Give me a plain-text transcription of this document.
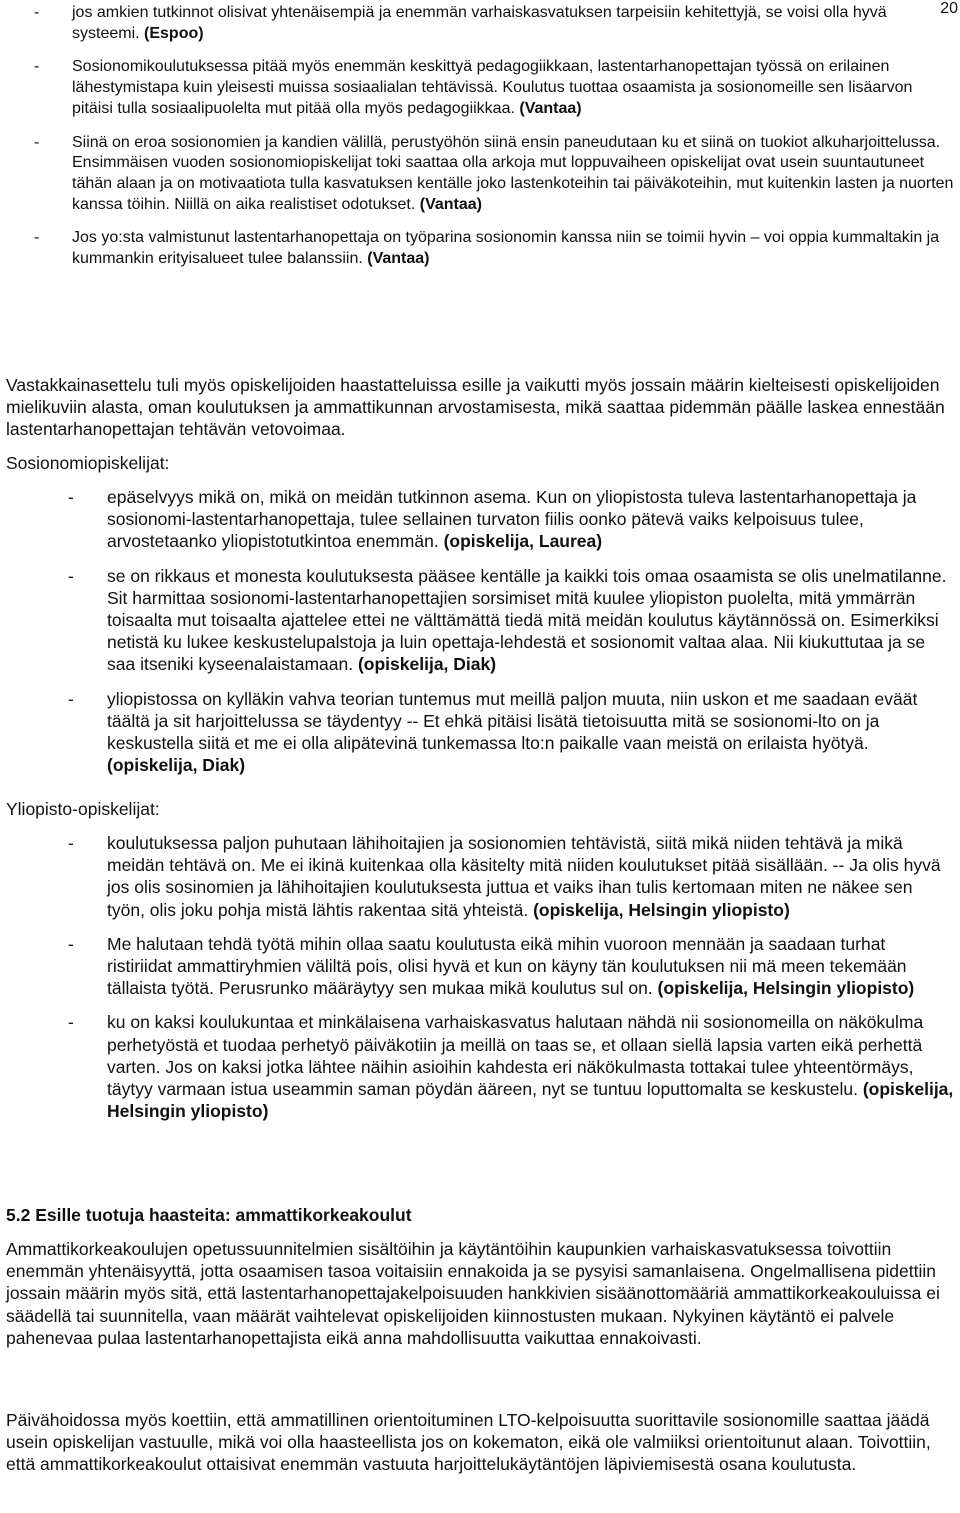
20
- jos amkien tutkinnot olisivat yhtenäisempiä ja enemmän varhaiskasvatuksen tarpeisiin kehitettyjä, se voisi olla hyvä systeemi. (Espoo)

- Sosionomikoulutuksessa pitää myös enemmän keskittyä pedagogiikkaan, lastentarhanopettajan työssä on erilainen lähestymistapa kuin yleisesti muissa sosiaalialan tehtävissä. Koulutus tuottaa osaamista ja sosionomeille sen lisäarvon pitäisi tulla sosiaalipuolelta mut pitää olla myös pedagogiikkaa. (Vantaa)

- Siinä on eroa sosionomien ja kandien välillä, perustyöhön siinä ensin paneudutaan ku et siinä on tuokiot alkuharjoittelussa. Ensimmäisen vuoden sosionomiopiskelijat toki saattaa olla arkoja mut loppuvaiheen opiskelijat ovat usein suuntautuneet tähän alaan ja on motivaatiota tulla kasvatuksen kentälle joko lastenkoteihin tai päiväkoteihin, mut kuitenkin lasten ja nuorten kanssa töihin. Niillä on aika realistiset odotukset. (Vantaa)

- Jos yo:sta valmistunut lastentarhanopettaja on työparina sosionomin kanssa niin se toimii hyvin – voi oppia kummaltakin ja kummankin erityisalueet tulee balanssiin. (Vantaa)

Vastakkainasettelu tuli myös opiskelijoiden haastatteluissa esille ja vaikutti myös jossain määrin kielteisesti opiskelijoiden mielikuviin alasta, oman koulutuksen ja ammattikunnan arvostamisesta, mikä saattaa pidemmän päälle laskea ennestään lastentarhanopettajan tehtävän vetovoimaa.

Sosionomiopiskelijat:
- epäselvyys mikä on, mikä on meidän tutkinnon asema. Kun on yliopistosta tuleva lastentarhanopettaja ja sosionomi-lastentarhanopettaja, tulee sellainen turvaton fiilis oonko pätevä vaiks kelpoisuus tulee, arvostetaanko yliopistotutkintoa enemmän. (opiskelija, Laurea)

- se on rikkaus et monesta koulutuksesta pääsee kentälle ja kaikki tois omaa osaamista se olis unelmatilanne. Sit harmittaa sosionomi-lastentarhanopettajien sorsimiset mitä kuulee yliopiston puolelta, mitä ymmärrän toisaalta mut toisaalta ajattelee ettei ne välttämättä tiedä mitä meidän koulutus käytännössä on. Esimerkiksi netistä ku lukee keskustelupalstoja ja luin opettaja-lehdestä et sosionomit valtaa alaa. Nii kiukuttutaa ja se saa itseniki kyseenalaistamaan. (opiskelija, Diak)

- yliopistossa on kylläkin vahva teorian tuntemus mut meillä paljon muuta, niin uskon et me saadaan eväät täältä ja sit harjoittelussa se täydentyy -- Et ehkä pitäisi lisätä tietoisuutta mitä se sosionomi-lto on ja keskustella siitä et me ei olla alipätevinä tunkemassa lto:n paikalle vaan meistä on erilaista hyötyä. (opiskelija, Diak)

Yliopisto-opiskelijat:
- koulutuksessa paljon puhutaan lähihoitajien ja sosionomien tehtävistä, siitä mikä niiden tehtävä ja mikä meidän tehtävä on. Me ei ikinä kuitenkaa olla käsitelty mitä niiden koulutukset pitää sisällään. -- Ja olis hyvä jos olis sosinomien ja lähihoitajien koulutuksesta juttua et vaiks ihan tulis kertomaan miten ne näkee sen työn, olis joku pohja mistä lähtis rakentaa sitä yhteistä. (opiskelija, Helsingin yliopisto)

- Me halutaan tehdä työtä mihin ollaa saatu koulutusta eikä mihin vuoroon mennään ja saadaan turhat ristiriidat ammattiryhmien väliltä pois, olisi hyvä et kun on käyny tän koulutuksen nii mä meen tekemään tällaista työtä. Perusrunko määräytyy sen mukaa mikä koulutus sul on. (opiskelija, Helsingin yliopisto)

- ku on kaksi koulukuntaa et minkälaisena varhaiskasvatus halutaan nähdä nii sosionomeilla on näkökulma perhetyöstä et tuodaa perhetyö päiväkotiin ja meillä on taas se, et ollaan siellä lapsia varten eikä perhettä varten. Jos on kaksi jotka lähtee näihin asioihin kahdesta eri näkökulmasta tottakai tulee yhteentörmäys, täytyy varmaan istua useammin saman pöydän ääreen, nyt se tuntuu loputtomalta se keskustelu. (opiskelija, Helsingin yliopisto)

5.2 Esille tuotuja haasteita: ammattikorkeakoulut

Ammattikorkeakoulujen opetussuunnitelmien sisältöihin ja käytäntöihin kaupunkien varhaiskasvatuksessa toivottiin enemmän yhtenäisyyttä, jotta osaamisen tasoa voitaisiin ennakoida ja se pysyisi samanlaisena. Ongelmallisena pidettiin jossain määrin myös sitä, että lastentarhanopettajakelpoisuuden hankkivien sisäänottomääriä ammattikorkeakouluissa ei säädellä tai suunnitella, vaan määrät vaihtelevat opiskelijoiden kiinnostusten mukaan. Nykyinen käytäntö ei palvele pahenevaa pulaa lastentarhanopettajista eikä anna mahdollisuutta vaikuttaa ennakoivasti.

Päivähoidossa myös koettiin, että ammatillinen orientoituminen LTO-kelpoisuutta suorittavile sosionomille saattaa jäädä usein opiskelijan vastuulle, mikä voi olla haasteellista jos on kokematon, eikä ole valmiiksi orientoitunut alaan. Toivottiin, että ammattikorkeakoulut ottaisivat enemmän vastuuta harjoittelukäytäntöjen läpiviemisestä osana koulutusta.
